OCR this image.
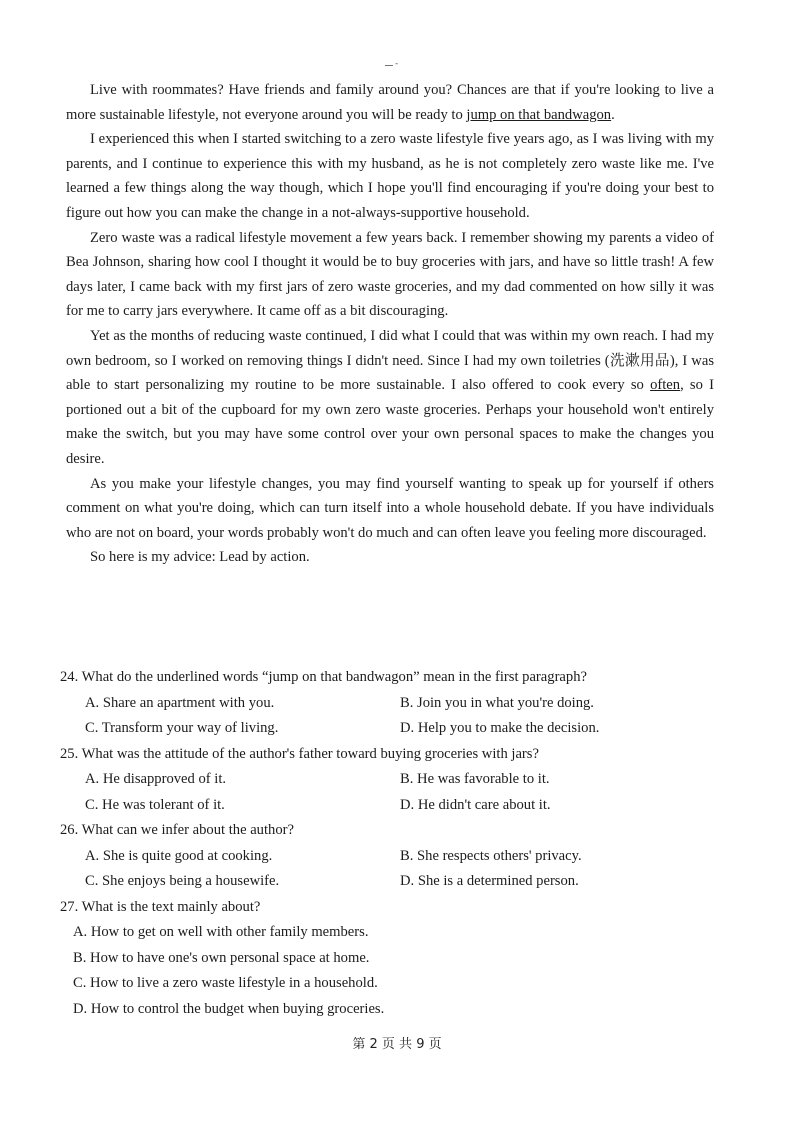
ـــ -

Live with roommates? Have friends and family around you? Chances are that if you're looking to live a more sustainable lifestyle, not everyone around you will be ready to jump on that bandwagon.

I experienced this when I started switching to a zero waste lifestyle five years ago, as I was living with my parents, and I continue to experience this with my husband, as he is not completely zero waste like me. I've learned a few things along the way though, which I hope you'll find encouraging if you're doing your best to figure out how you can make the change in a not-always-supportive household.

Zero waste was a radical lifestyle movement a few years back. I remember showing my parents a video of Bea Johnson, sharing how cool I thought it would be to buy groceries with jars, and have so little trash! A few days later, I came back with my first jars of zero waste groceries, and my dad commented on how silly it was for me to carry jars everywhere. It came off as a bit discouraging.

Yet as the months of reducing waste continued, I did what I could that was within my own reach. I had my own bedroom, so I worked on removing things I didn't need. Since I had my own toiletries (洗漱用品), I was able to start personalizing my routine to be more sustainable. I also offered to cook every so often, so I portioned out a bit of the cupboard for my own zero waste groceries. Perhaps your household won't entirely make the switch, but you may have some control over your own personal spaces to make the changes you desire.

As you make your lifestyle changes, you may find yourself wanting to speak up for yourself if others comment on what you're doing, which can turn itself into a whole household debate. If you have individuals who are not on board, your words probably won't do much and can often leave you feeling more discouraged.

So here is my advice: Lead by action.

24. What do the underlined words “jump on that bandwagon” mean in the first paragraph?

A. Share an apartment with you.	B. Join you in what you're doing.
C. Transform your way of living.	D. Help you to make the decision.

25. What was the attitude of the author's father toward buying groceries with jars?

A. He disapproved of it.	B. He was favorable to it.
C. He was tolerant of it.	D. He didn't care about it.

26. What can we infer about the author?

A. She is quite good at cooking.	B. She respects others' privacy.
C. She enjoys being a housewife.	D. She is a determined person.

27. What is the text mainly about?

A. How to get on well with other family members.
B. How to have one's own personal space at home.
C. How to live a zero waste lifestyle in a household.
D. How to control the budget when buying groceries.
第 2 页 共 9 页
